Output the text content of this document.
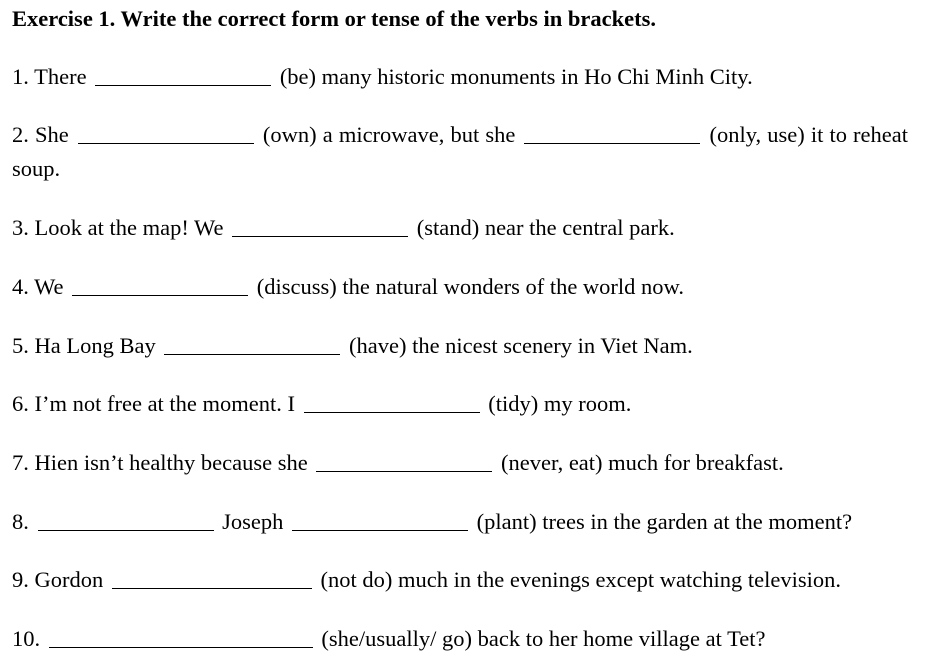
Exercise 1. Write the correct form or tense of the verbs in brackets.
1. There	(be) many historic monuments in Ho Chi Minh City.
2. She	(own) a microwave, but she	(only, use) it to reheat soup.
3. Look at the map! We	(stand) near the central park.
4. We	(discuss) the natural wonders of the world now.
5. Ha Long Bay	(have) the nicest scenery in Viet Nam.
6. I’m not free at the moment. I	(tidy) my room.
7. Hien isn’t healthy because she	(never, eat) much for breakfast.
8.	Joseph	(plant) trees in the garden at the moment?
9. Gordon	(not do) much in the evenings except watching television.
10.	(she/usually/ go) back to her home village at Tet?
